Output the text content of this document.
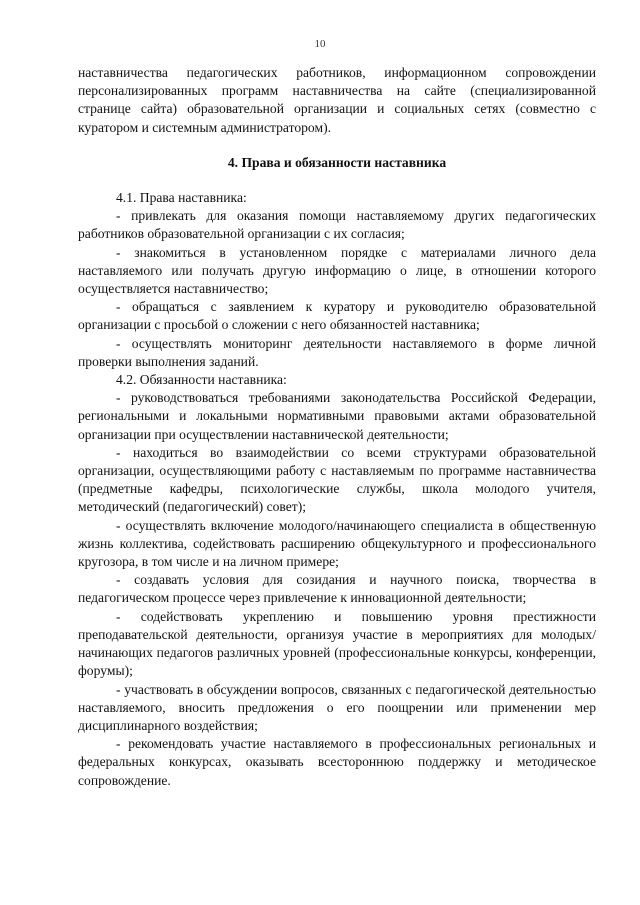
10

наставничества педагогических работников, информационном сопровождении персонализированных программ наставничества на сайте (специализированной странице сайта) образовательной организации и социальных сетях (совместно с куратором и системным администратором).

4. Права и обязанности наставника

4.1. Права наставника:

- привлекать для оказания помощи наставляемому других педагогических работников образовательной организации с их согласия;

- знакомиться в установленном порядке с материалами личного дела наставляемого или получать другую информацию о лице, в отношении которого осуществляется наставничество;

- обращаться с заявлением к куратору и руководителю образовательной организации с просьбой о сложении с него обязанностей наставника;

- осуществлять мониторинг деятельности наставляемого в форме личной проверки выполнения заданий.

4.2. Обязанности наставника:

- руководствоваться требованиями законодательства Российской Федерации, региональными и локальными нормативными правовыми актами образовательной организации при осуществлении наставнической деятельности;

- находиться во взаимодействии со всеми структурами образовательной организации, осуществляющими работу с наставляемым по программе наставничества (предметные кафедры, психологические службы, школа молодого учителя, методический (педагогический) совет);

- осуществлять включение молодого/начинающего специалиста в общественную жизнь коллектива, содействовать расширению общекультурного и профессионального кругозора, в том числе и на личном примере;

- создавать условия для созидания и научного поиска, творчества в педагогическом процессе через привлечение к инновационной деятельности;

- содействовать укреплению и повышению уровня престижности преподавательской деятельности, организуя участие в мероприятиях для молодых/начинающих педагогов различных уровней (профессиональные конкурсы, конференции, форумы);

- участвовать в обсуждении вопросов, связанных с педагогической деятельностью наставляемого, вносить предложения о его поощрении или применении мер дисциплинарного воздействия;

- рекомендовать участие наставляемого в профессиональных региональных и федеральных конкурсах, оказывать всестороннюю поддержку и методическое сопровождение.
